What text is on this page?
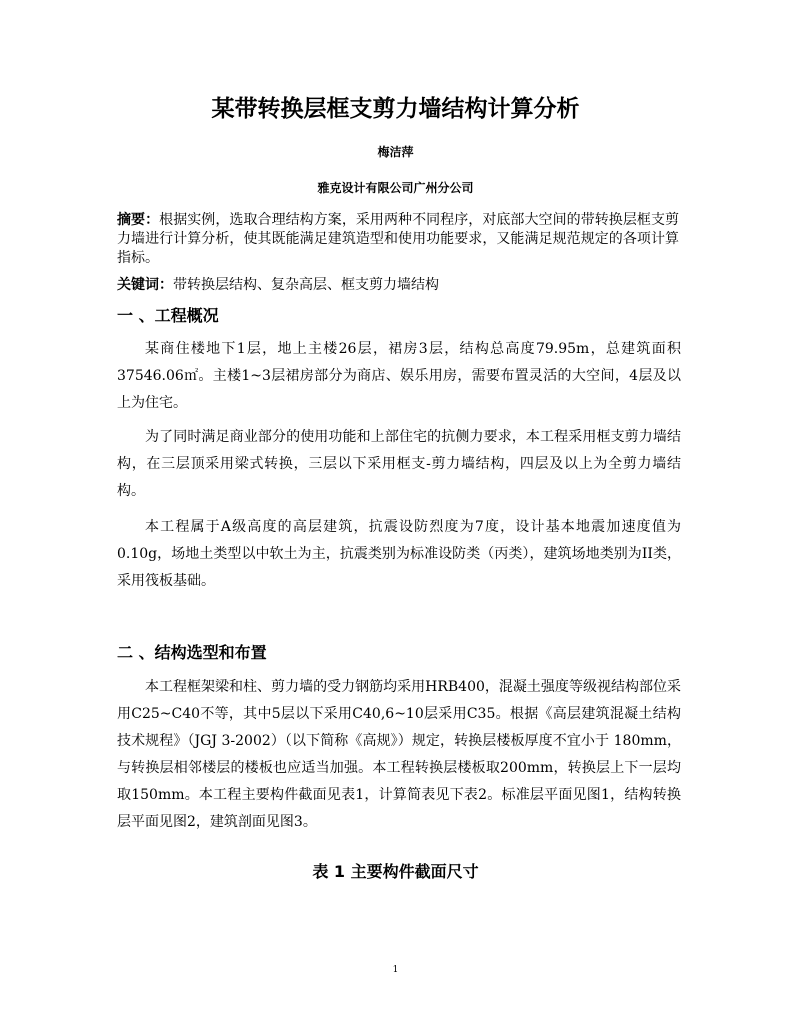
某带转换层框支剪力墙结构计算分析
梅洁萍
雅克设计有限公司广州分公司
摘要：根据实例，选取合理结构方案，采用两种不同程序，对底部大空间的带转换层框支剪力墙进行计算分析，使其既能满足建筑造型和使用功能要求，又能满足规范规定的各项计算指标。
关键词：带转换层结构、复杂高层、框支剪力墙结构
一 、工程概况
某商住楼地下1层，地上主楼26层，裙房3层，结构总高度79.95m，总建筑面积37546.06㎡。主楼1~3层裙房部分为商店、娱乐用房，需要布置灵活的大空间，4层及以上为住宅。
为了同时满足商业部分的使用功能和上部住宅的抗侧力要求，本工程采用框支剪力墙结构，在三层顶采用梁式转换，三层以下采用框支-剪力墙结构，四层及以上为全剪力墙结构。
本工程属于A级高度的高层建筑，抗震设防烈度为7度，设计基本地震加速度值为 0.10g，场地土类型以中软土为主，抗震类别为标准设防类（丙类），建筑场地类别为II类，采用筏板基础。
二 、结构选型和布置
本工程框架梁和柱、剪力墙的受力钢筋均采用HRB400，混凝土强度等级视结构部位采用C25~C40不等，其中5层以下采用C40,6~10层采用C35。根据《高层建筑混凝土结构技术规程》（JGJ 3-2002）（以下简称《高规》）规定，转换层楼板厚度不宜小于 180mm，与转换层相邻楼层的楼板也应适当加强。本工程转换层楼板取200mm，转换层上下一层均取150mm。本工程主要构件截面见表1，计算简表见下表2。标准层平面见图1，结构转换层平面见图2，建筑剖面见图3。
表 1 主要构件截面尺寸
1
